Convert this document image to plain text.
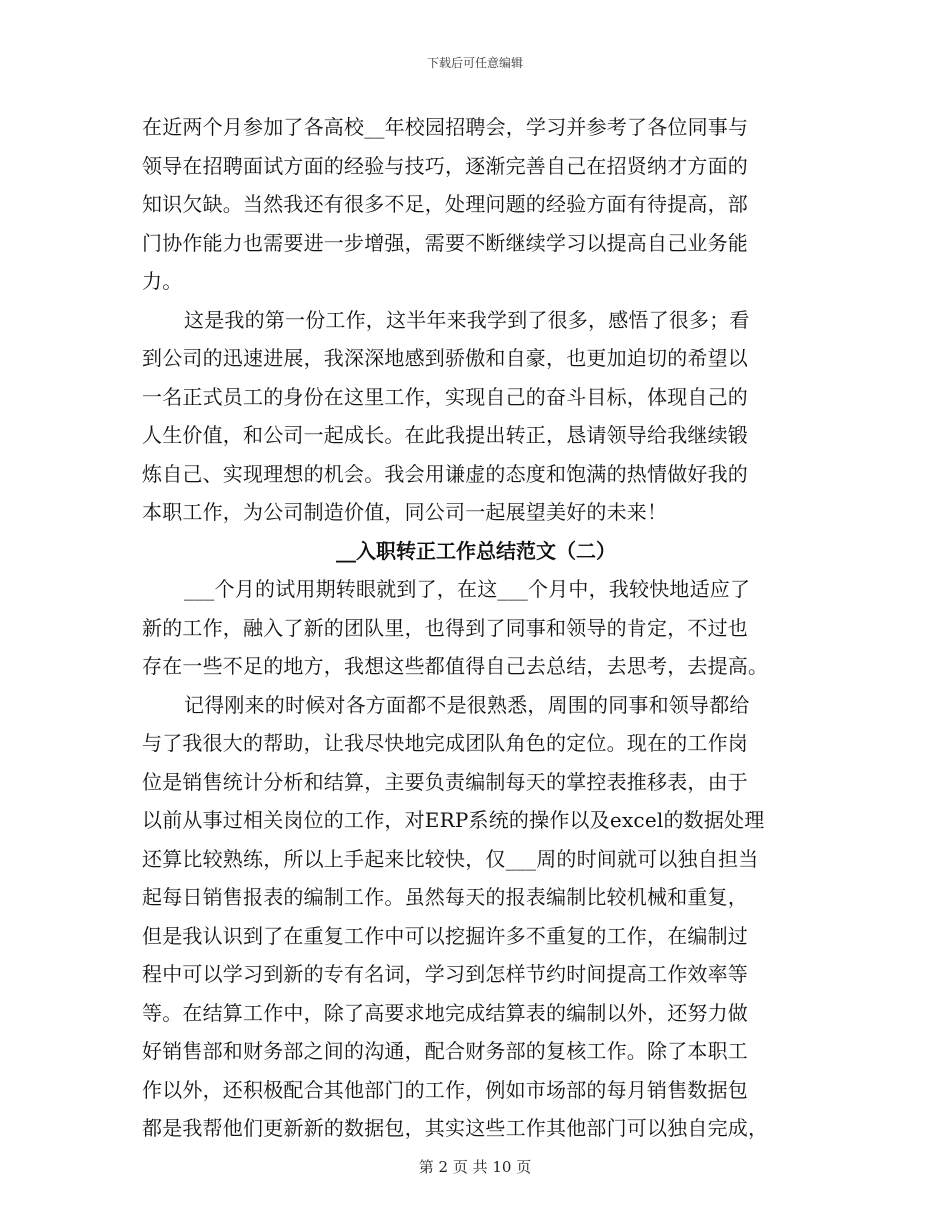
下载后可任意编辑
在近两个月参加了各高校__年校园招聘会，学习并参考了各位同事与
领导在招聘面试方面的经验与技巧，逐渐完善自己在招贤纳才方面的
知识欠缺。当然我还有很多不足，处理问题的经验方面有待提高，部
门协作能力也需要进一步增强，需要不断继续学习以提高自己业务能
力。
这是我的第一份工作，这半年来我学到了很多，感悟了很多；看
到公司的迅速进展，我深深地感到骄傲和自豪，也更加迫切的希望以
一名正式员工的身份在这里工作，实现自己的奋斗目标，体现自己的
人生价值，和公司一起成长。在此我提出转正，恳请领导给我继续锻
炼自己、实现理想的机会。我会用谦虚的态度和饱满的热情做好我的
本职工作，为公司制造价值，同公司一起展望美好的未来！
__入职转正工作总结范文（二）
___个月的试用期转眼就到了，在这___个月中，我较快地适应了
新的工作，融入了新的团队里，也得到了同事和领导的肯定，不过也
存在一些不足的地方，我想这些都值得自己去总结，去思考，去提高。
记得刚来的时候对各方面都不是很熟悉，周围的同事和领导都给
与了我很大的帮助，让我尽快地完成团队角色的定位。现在的工作岗
位是销售统计分析和结算，主要负责编制每天的掌控表推移表，由于
以前从事过相关岗位的工作，对ERP系统的操作以及excel的数据处理
还算比较熟练，所以上手起来比较快，仅___周的时间就可以独自担当
起每日销售报表的编制工作。虽然每天的报表编制比较机械和重复，
但是我认识到了在重复工作中可以挖掘许多不重复的工作，在编制过
程中可以学习到新的专有名词，学习到怎样节约时间提高工作效率等
等。在结算工作中，除了高要求地完成结算表的编制以外，还努力做
好销售部和财务部之间的沟通，配合财务部的复核工作。除了本职工
作以外，还积极配合其他部门的工作，例如市场部的每月销售数据包
都是我帮他们更新新的数据包，其实这些工作其他部门可以独自完成，
第 2 页 共 10 页
